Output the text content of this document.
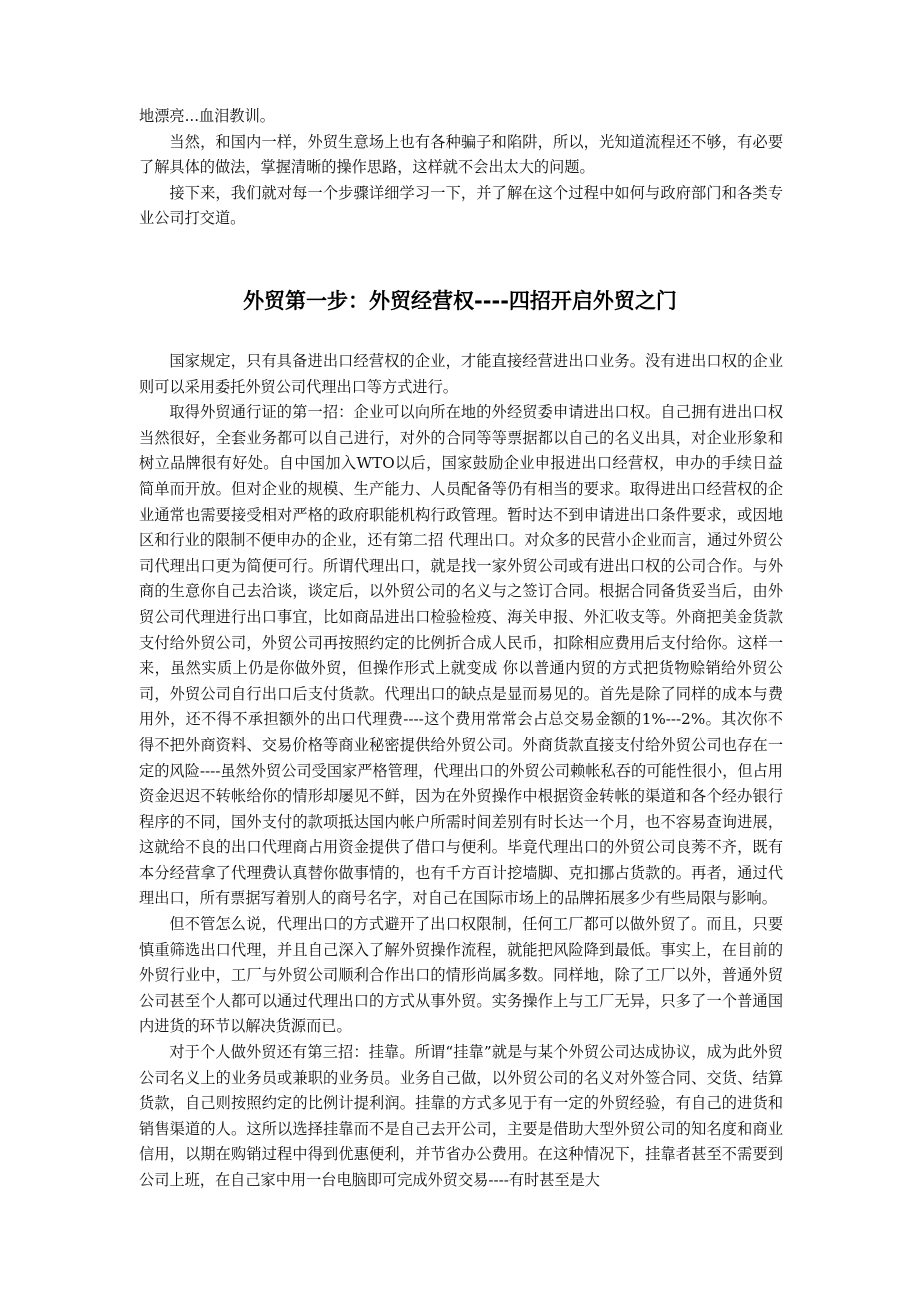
地漂亮...血泪教训。

当然，和国内一样，外贸生意场上也有各种骗子和陷阱，所以，光知道流程还不够，有必要了解具体的做法，掌握清晰的操作思路，这样就不会出太大的问题。

接下来，我们就对每一个步骤详细学习一下，并了解在这个过程中如何与政府部门和各类专业公司打交道。

外贸第一步：外贸经营权----四招开启外贸之门

国家规定，只有具备进出口经营权的企业，才能直接经营进出口业务。没有进出口权的企业则可以采用委托外贸公司代理出口等方式进行。

取得外贸通行证的第一招：企业可以向所在地的外经贸委申请进出口权。自己拥有进出口权当然很好，全套业务都可以自己进行，对外的合同等等票据都以自己的名义出具，对企业形象和树立品牌很有好处。自中国加入WTO以后，国家鼓励企业申报进出口经营权，申办的手续日益简单而开放。但对企业的规模、生产能力、人员配备等仍有相当的要求。取得进出口经营权的企业通常也需要接受相对严格的政府职能机构行政管理。暂时达不到申请进出口条件要求，或因地区和行业的限制不便申办的企业，还有第二招 代理出口。对众多的民营小企业而言，通过外贸公司代理出口更为简便可行。所谓代理出口，就是找一家外贸公司或有进出口权的公司合作。与外商的生意你自己去洽谈，谈定后，以外贸公司的名义与之签订合同。根据合同备货妥当后，由外贸公司代理进行出口事宜，比如商品进出口检验检疫、海关申报、外汇收支等。外商把美金货款支付给外贸公司，外贸公司再按照约定的比例折合成人民币，扣除相应费用后支付给你。这样一来，虽然实质上仍是你做外贸，但操作形式上就变成 你以普通内贸的方式把货物赊销给外贸公司，外贸公司自行出口后支付货款。代理出口的缺点是显而易见的。首先是除了同样的成本与费用外，还不得不承担额外的出口代理费----这个费用常常会占总交易金额的1%---2%。其次你不得不把外商资料、交易价格等商业秘密提供给外贸公司。外商货款直接支付给外贸公司也存在一定的风险----虽然外贸公司受国家严格管理，代理出口的外贸公司赖帐私吞的可能性很小，但占用资金迟迟不转帐给你的情形却屡见不鲜，因为在外贸操作中根据资金转帐的渠道和各个经办银行程序的不同，国外支付的款项抵达国内帐户所需时间差别有时长达一个月，也不容易查询进展，这就给不良的出口代理商占用资金提供了借口与便利。毕竟代理出口的外贸公司良莠不齐，既有本分经营拿了代理费认真替你做事情的，也有千方百计挖墙脚、克扣挪占货款的。再者，通过代理出口，所有票据写着别人的商号名字，对自己在国际市场上的品牌拓展多少有些局限与影响。

但不管怎么说，代理出口的方式避开了出口权限制，任何工厂都可以做外贸了。而且，只要慎重筛选出口代理，并且自己深入了解外贸操作流程，就能把风险降到最低。事实上，在目前的外贸行业中，工厂与外贸公司顺利合作出口的情形尚属多数。同样地，除了工厂以外，普通外贸公司甚至个人都可以通过代理出口的方式从事外贸。实务操作上与工厂无异，只多了一个普通国内进货的环节以解决货源而已。

对于个人做外贸还有第三招：挂靠。所谓“挂靠”就是与某个外贸公司达成协议，成为此外贸公司名义上的业务员或兼职的业务员。业务自己做，以外贸公司的名义对外签合同、交货、结算货款，自己则按照约定的比例计提利润。挂靠的方式多见于有一定的外贸经验，有自己的进货和销售渠道的人。这所以选择挂靠而不是自己去开公司，主要是借助大型外贸公司的知名度和商业信用，以期在购销过程中得到优惠便利，并节省办公费用。在这种情况下，挂靠者甚至不需要到公司上班，在自己家中用一台电脑即可完成外贸交易----有时甚至是大
